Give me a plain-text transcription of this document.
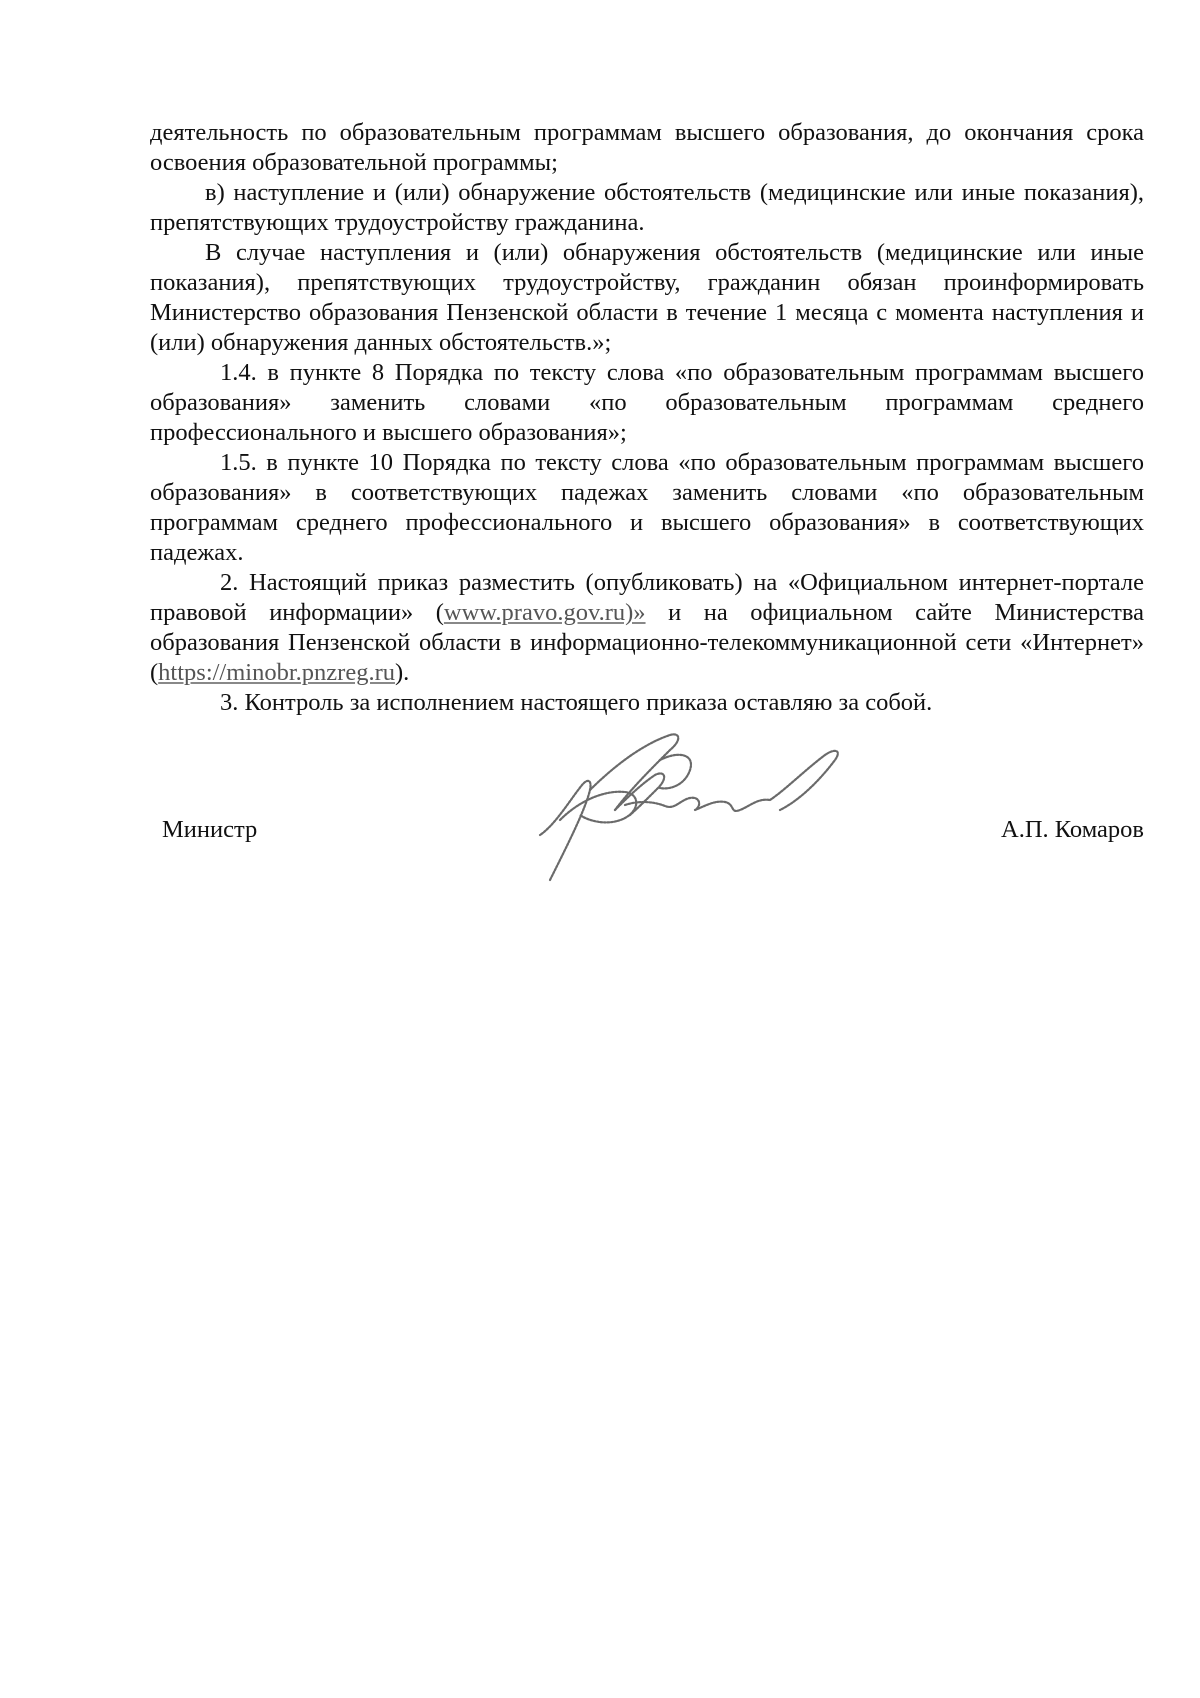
деятельность по образовательным программам высшего образования, до окончания срока освоения образовательной программы;

в) наступление и (или) обнаружение обстоятельств (медицинские или иные показания), препятствующих трудоустройству гражданина.

В случае наступления и (или) обнаружения обстоятельств (медицинские или иные показания), препятствующих трудоустройству, гражданин обязан проинформировать Министерство образования Пензенской области в течение 1 месяца с момента наступления и (или) обнаружения данных обстоятельств.»;

1.4. в пункте 8 Порядка по тексту слова «по образовательным программам высшего образования» заменить словами «по образовательным программам среднего профессионального и высшего образования»;

1.5. в пункте 10 Порядка по тексту слова «по образовательным программам высшего образования» в соответствующих падежах заменить словами «по образовательным программам среднего профессионального и высшего образования» в соответствующих падежах.

2. Настоящий приказ разместить (опубликовать) на «Официальном интернет-портале правовой информации» (www.pravo.gov.ru)» и на официальном сайте Министерства образования Пензенской области в информационно-телекоммуникационной сети «Интернет» (https://minobr.pnzreg.ru).

3. Контроль за исполнением настоящего приказа оставляю за собой.

Министр	А.П. Комаров
